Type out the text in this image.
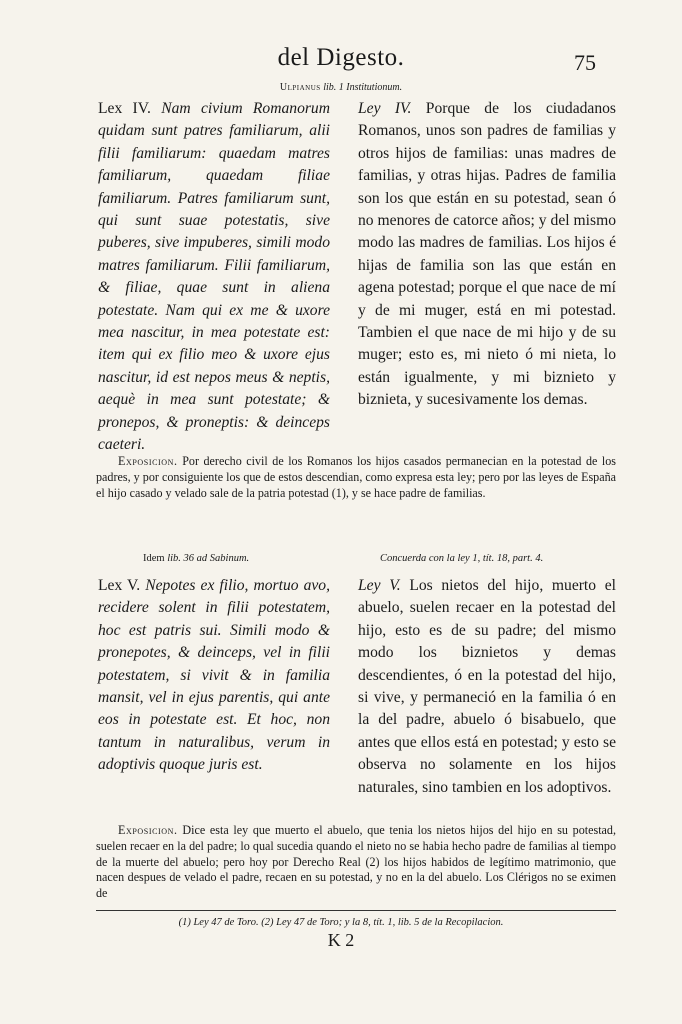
del Digesto.	75
Ulpianus lib. 1 Institutionum.
Lex IV. Nam civium Romanorum quidam sunt patres familiarum, alii filii familiarum: quaedam matres familiarum, quaedam filiae familiarum. Patres familiarum sunt, qui sunt suae potestatis, sive puberes, sive impuberes, simili modo matres familiarum. Filii familiarum, & filiae, quae sunt in aliena potestate. Nam qui ex me & uxore mea nascitur, in mea potestate est: item qui ex filio meo & uxore ejus nascitur, id est nepos meus & neptis, aequè in mea sunt potestate; & pronepos, & proneptis: & deinceps caeteri.
Ley IV. Porque de los ciudadanos Romanos, unos son padres de familias y otros hijos de familias: unas madres de familias, y otras hijas. Padres de familia son los que están en su potestad, sean ó no menores de catorce años; y del mismo modo las madres de familias. Los hijos é hijas de familia son las que están en agena potestad; porque el que nace de mí y de mi muger, está en mi potestad. Tambien el que nace de mi hijo y de su muger; esto es, mi nieto ó mi nieta, lo están igualmente, y mi biznieto y biznieta, y sucesivamente los demas.
Exposicion. Por derecho civil de los Romanos los hijos casados permanecian en la potestad de los padres, y por consiguiente los que de estos descendian, como expresa esta ley; pero por las leyes de España el hijo casado y velado sale de la patria potestad (1), y se hace padre de familias.
Idem lib. 36 ad Sabinum.	Concuerda con la ley 1, tít. 18, part. 4.
Lex V. Nepotes ex filio, mortuo avo, recidere solent in filii potestatem, hoc est patris sui. Simili modo & pronepotes, & deinceps, vel in filii potestatem, si vivit & in familia mansit, vel in ejus parentis, qui ante eos in potestate est. Et hoc, non tantum in naturalibus, verum in adoptivis quoque juris est.
Ley V. Los nietos del hijo, muerto el abuelo, suelen recaer en la potestad del hijo, esto es de su padre; del mismo modo los biznietos y demas descendientes, ó en la potestad del hijo, si vive, y permaneció en la familia ó en la del padre, abuelo ó bisabuelo, que antes que ellos está en potestad; y esto se observa no solamente en los hijos naturales, sino tambien en los adoptivos.
Exposicion. Dice esta ley que muerto el abuelo, que tenia los nietos hijos del hijo en su potestad, suelen recaer en la del padre; lo qual sucedia quando el nieto no se habia hecho padre de familias al tiempo de la muerte del abuelo; pero hoy por Derecho Real (2) los hijos habidos de legítimo matrimonio, que nacen despues de velado el padre, recaen en su potestad, y no en la del abuelo. Los Clérigos no se eximen de
(1) Ley 47 de Toro. (2) Ley 47 de Toro; y la 8, tít. 1, lib. 5 de la Recopilacion.
K 2
